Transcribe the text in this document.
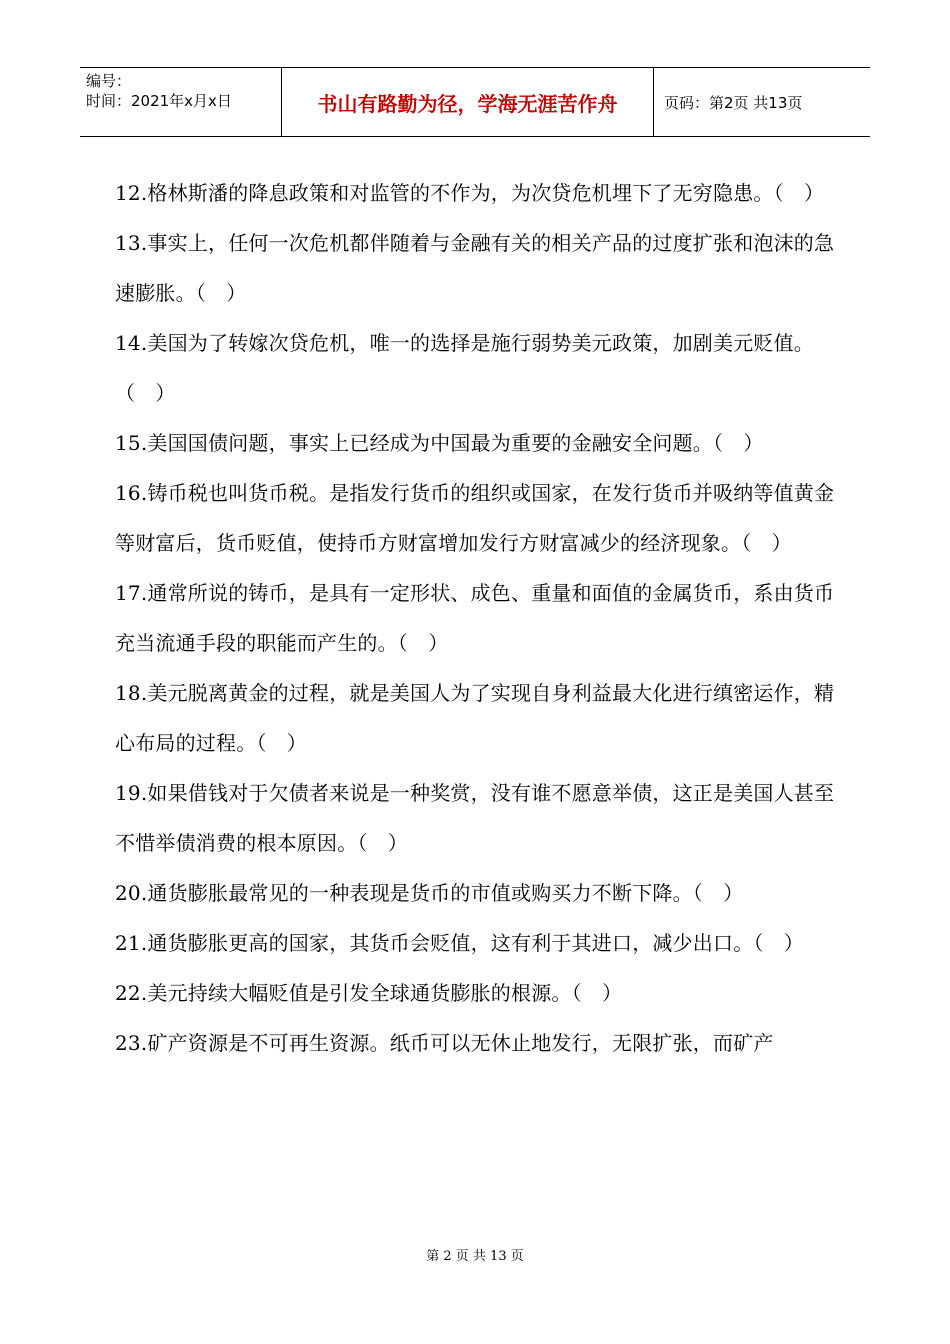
编号：
时间：2021年x月x日	书山有路勤为径，学海无涯苦作舟	页码：第2页 共13页

12.格林斯潘的降息政策和对监管的不作为，为次贷危机埋下了无穷隐患。（　）

13.事实上，任何一次危机都伴随着与金融有关的相关产品的过度扩张和泡沫的急速膨胀。（　）

14.美国为了转嫁次贷危机，唯一的选择是施行弱势美元政策，加剧美元贬值。（　）

15.美国国债问题，事实上已经成为中国最为重要的金融安全问题。（　）

16.铸币税也叫货币税。是指发行货币的组织或国家，在发行货币并吸纳等值黄金等财富后，货币贬值，使持币方财富增加发行方财富减少的经济现象。（　）

17.通常所说的铸币，是具有一定形状、成色、重量和面值的金属货币，系由货币充当流通手段的职能而产生的。（　）

18.美元脱离黄金的过程，就是美国人为了实现自身利益最大化进行缜密运作，精心布局的过程。（　）

19.如果借钱对于欠债者来说是一种奖赏，没有谁不愿意举债，这正是美国人甚至不惜举债消费的根本原因。（　）

20.通货膨胀最常见的一种表现是货币的市值或购买力不断下降。（　）

21.通货膨胀更高的国家，其货币会贬值，这有利于其进口，减少出口。（　）

22.美元持续大幅贬值是引发全球通货膨胀的根源。（　）

23.矿产资源是不可再生资源。纸币可以无休止地发行，无限扩张，而矿产

第 2 页 共 13 页
